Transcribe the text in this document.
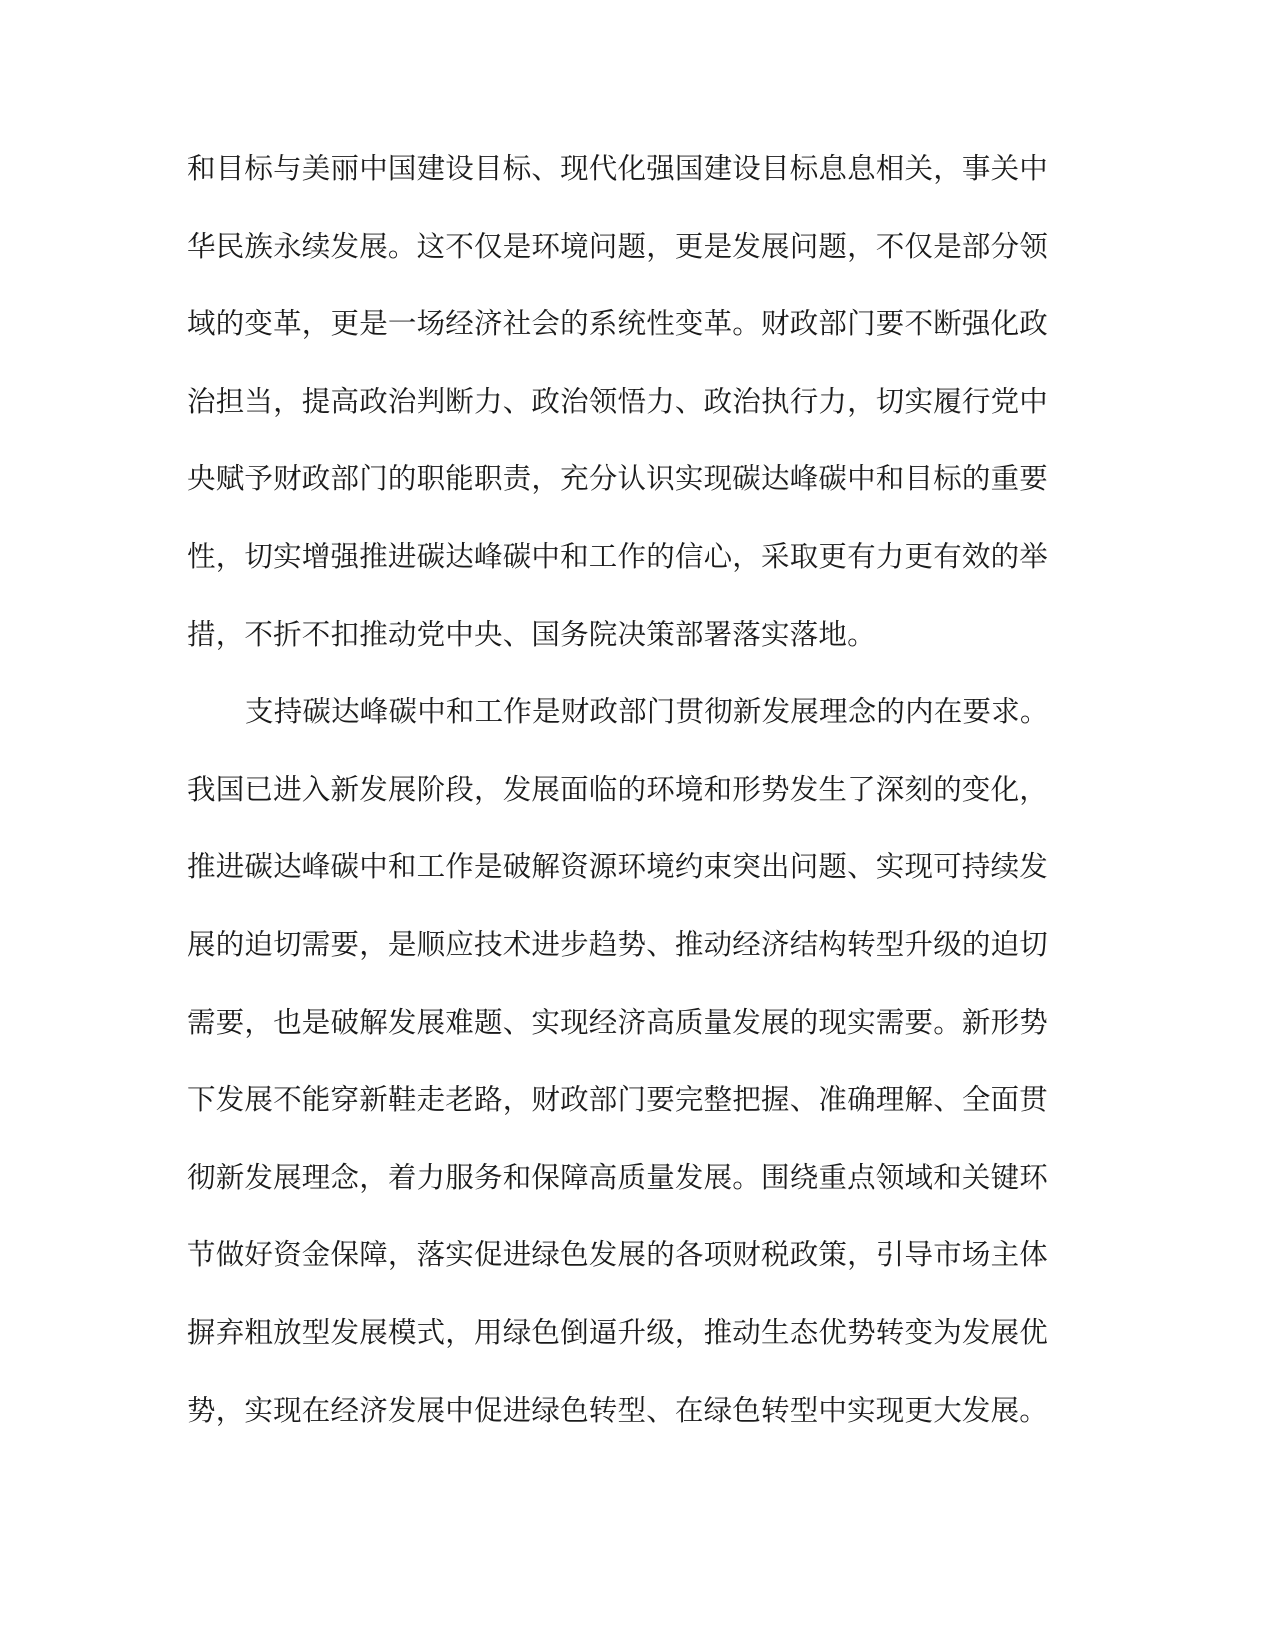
和目标与美丽中国建设目标、现代化强国建设目标息息相关，事关中
华民族永续发展。这不仅是环境问题，更是发展问题，不仅是部分领
域的变革，更是一场经济社会的系统性变革。财政部门要不断强化政
治担当，提高政治判断力、政治领悟力、政治执行力，切实履行党中
央赋予财政部门的职能职责，充分认识实现碳达峰碳中和目标的重要
性，切实增强推进碳达峰碳中和工作的信心，采取更有力更有效的举
措，不折不扣推动党中央、国务院决策部署落实落地。
支持碳达峰碳中和工作是财政部门贯彻新发展理念的内在要求。
我国已进入新发展阶段，发展面临的环境和形势发生了深刻的变化，
推进碳达峰碳中和工作是破解资源环境约束突出问题、实现可持续发
展的迫切需要，是顺应技术进步趋势、推动经济结构转型升级的迫切
需要，也是破解发展难题、实现经济高质量发展的现实需要。新形势
下发展不能穿新鞋走老路，财政部门要完整把握、准确理解、全面贯
彻新发展理念，着力服务和保障高质量发展。围绕重点领域和关键环
节做好资金保障，落实促进绿色发展的各项财税政策，引导市场主体
摒弃粗放型发展模式，用绿色倒逼升级，推动生态优势转变为发展优
势，实现在经济发展中促进绿色转型、在绿色转型中实现更大发展。
